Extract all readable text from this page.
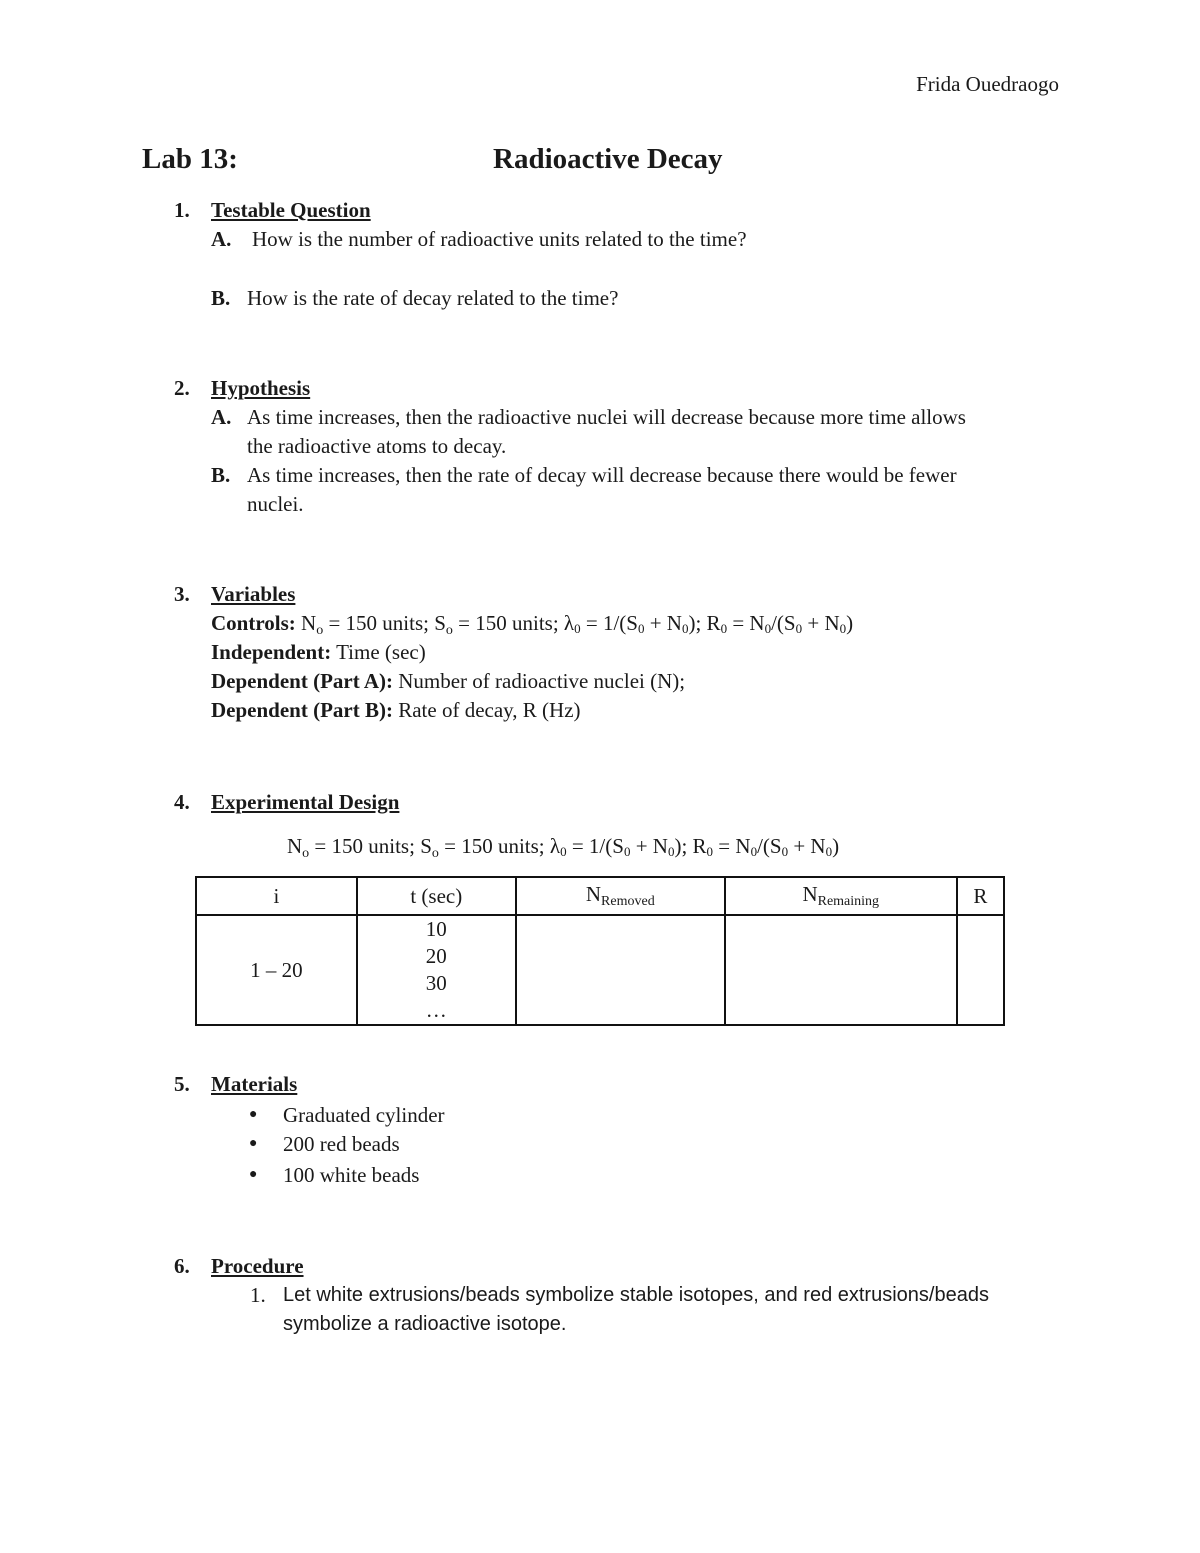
Frida Ouedraogo
Lab 13:	Radioactive Decay
1. Testable Question
A. How is the number of radioactive units related to the time?
B. How is the rate of decay related to the time?
2. Hypothesis
A. As time increases, then the radioactive nuclei will decrease because more time allows
the radioactive atoms to decay.
B. As time increases, then the rate of decay will decrease because there would be fewer
nuclei.
3. Variables
Controls: $N_o = 150$ units; $S_o = 150$ units; $\lambda_0 = 1/(S_0 + N_0)$; $R_0 = N_0/(S_0 + N_0)$
Independent: Time (sec)
Dependent (Part A): Number of radioactive nuclei (N);
Dependent (Part B): Rate of decay, R (Hz)
4. Experimental Design
$N_o = 150$ units; $S_o = 150$ units; $\lambda_0 = 1/(S_0 + N_0)$; $R_0 = N_0/(S_0 + N_0)$
i	t (sec)	$N_{Removed}$	$N_{Remaining}$	R
1 – 20	10
20
30
…			

5. Materials
● Graduated cylinder
● 200 red beads
● 100 white beads
6. Procedure
1. Let white extrusions/beads symbolize stable isotopes, and red extrusions/beads
symbolize a radioactive isotope.
